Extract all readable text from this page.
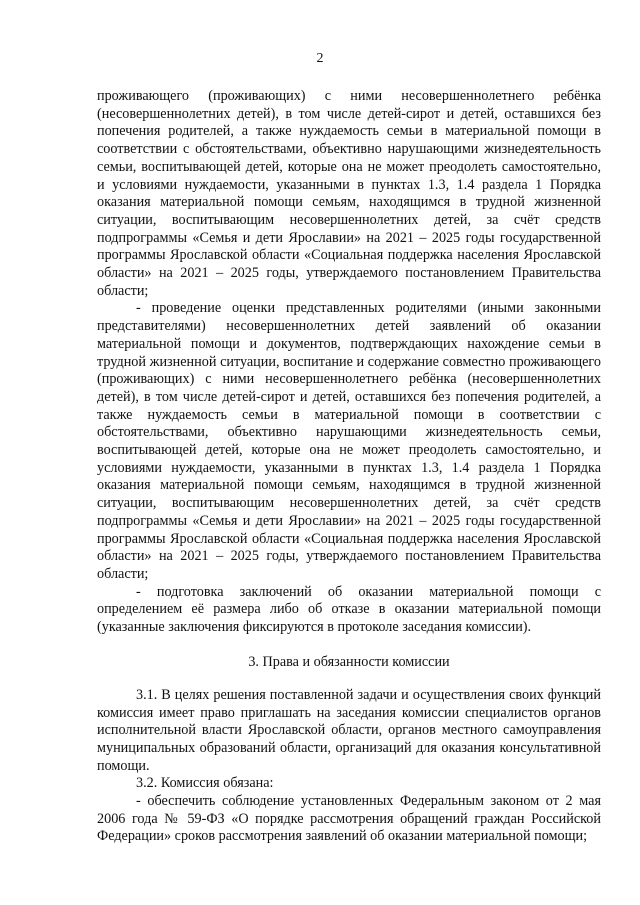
2

проживающего (проживающих) с ними несовершеннолетнего ребёнка (несовершеннолетних детей), в том числе детей-сирот и детей, оставшихся без попечения родителей, а также нуждаемость семьи в материальной помощи в соответствии с обстоятельствами, объективно нарушающими жизнедеятельность семьи, воспитывающей детей, которые она не может преодолеть самостоятельно, и условиями нуждаемости, указанными в пунктах 1.3, 1.4 раздела 1 Порядка оказания материальной помощи семьям, находящимся в трудной жизненной ситуации, воспитывающим несовершеннолетних детей, за счёт средств подпрограммы «Семья и дети Ярославии» на 2021 – 2025 годы государственной программы Ярославской области «Социальная поддержка населения Ярославской области» на 2021 – 2025 годы, утверждаемого постановлением Правительства области;

- проведение оценки представленных родителями (иными законными представителями) несовершеннолетних детей заявлений об оказании материальной помощи и документов, подтверждающих нахождение семьи в трудной жизненной ситуации, воспитание и содержание совместно проживающего (проживающих) с ними несовершеннолетнего ребёнка (несовершеннолетних детей), в том числе детей-сирот и детей, оставшихся без попечения родителей, а также нуждаемость семьи в материальной помощи в соответствии с обстоятельствами, объективно нарушающими жизнедеятельность семьи, воспитывающей детей, которые она не может преодолеть самостоятельно, и условиями нуждаемости, указанными в пунктах 1.3, 1.4 раздела 1 Порядка оказания материальной помощи семьям, находящимся в трудной жизненной ситуации, воспитывающим несовершеннолетних детей, за счёт средств подпрограммы «Семья и дети Ярославии» на 2021 – 2025 годы государственной программы Ярославской области «Социальная поддержка населения Ярославской области» на 2021 – 2025 годы, утверждаемого постановлением Правительства области;

- подготовка заключений об оказании материальной помощи с определением её размера либо об отказе в оказании материальной помощи (указанные заключения фиксируются в протоколе заседания комиссии).

3. Права и обязанности комиссии

3.1. В целях решения поставленной задачи и осуществления своих функций комиссия имеет право приглашать на заседания комиссии специалистов органов исполнительной власти Ярославской области, органов местного самоуправления муниципальных образований области, организаций для оказания консультативной помощи.

3.2. Комиссия обязана:

- обеспечить соблюдение установленных Федеральным законом от 2 мая 2006 года № 59-ФЗ «О порядке рассмотрения обращений граждан Российской Федерации» сроков рассмотрения заявлений об оказании материальной помощи;
